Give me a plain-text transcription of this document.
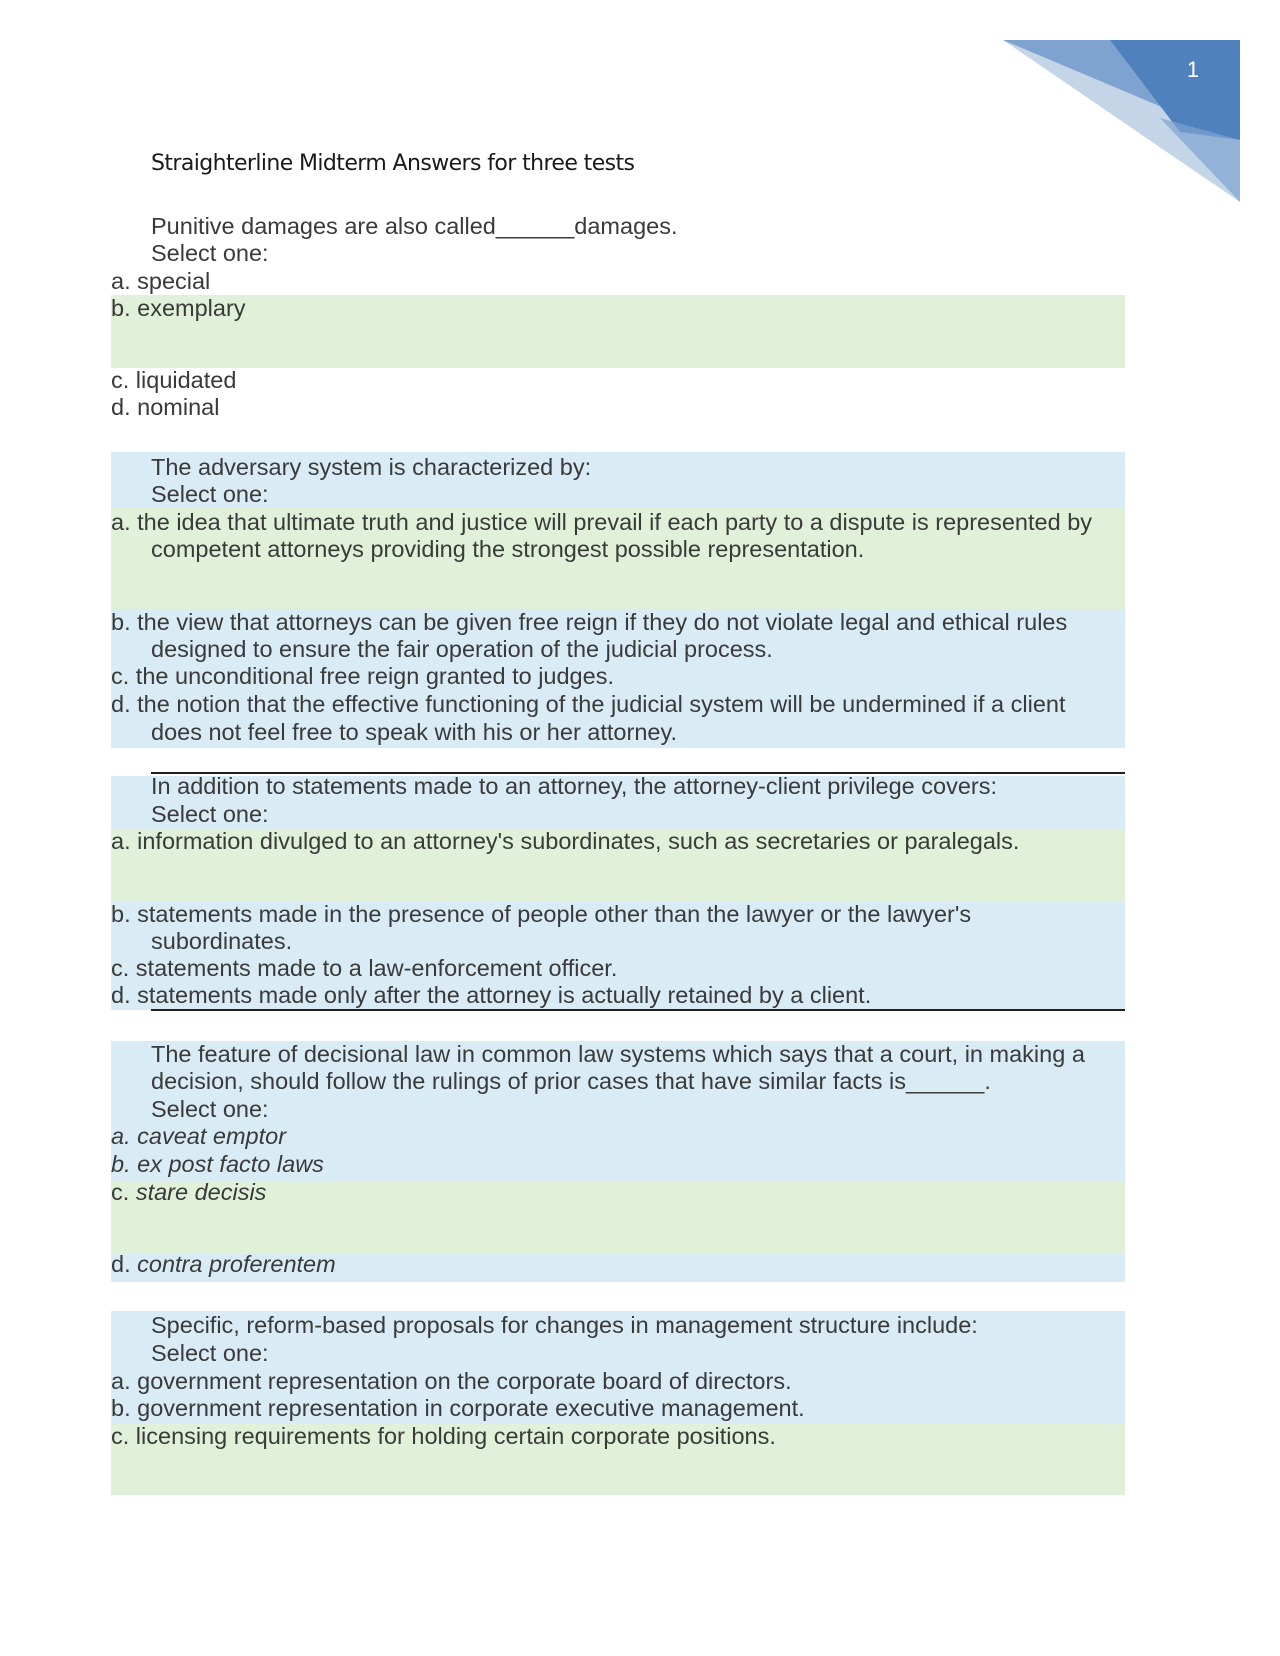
1
Straighterline Midterm Answers for three tests
Punitive damages are also called______damages.
Select one:
a. special
b. exemplary
c. liquidated
d. nominal
The adversary system is characterized by:
Select one:
a. the idea that ultimate truth and justice will prevail if each party to a dispute is represented by
competent attorneys providing the strongest possible representation.
b. the view that attorneys can be given free reign if they do not violate legal and ethical rules
designed to ensure the fair operation of the judicial process.
c. the unconditional free reign granted to judges.
d. the notion that the effective functioning of the judicial system will be undermined if a client
does not feel free to speak with his or her attorney.
In addition to statements made to an attorney, the attorney-client privilege covers:
Select one:
a. information divulged to an attorney's subordinates, such as secretaries or paralegals.
b. statements made in the presence of people other than the lawyer or the lawyer's
subordinates.
c. statements made to a law-enforcement officer.
d. statements made only after the attorney is actually retained by a client.
The feature of decisional law in common law systems which says that a court, in making a
decision, should follow the rulings of prior cases that have similar facts is______.
Select one:
a. caveat emptor
b. ex post facto laws
c. stare decisis
d. contra proferentem
Specific, reform-based proposals for changes in management structure include:
Select one:
a. government representation on the corporate board of directors.
b. government representation in corporate executive management.
c. licensing requirements for holding certain corporate positions.
